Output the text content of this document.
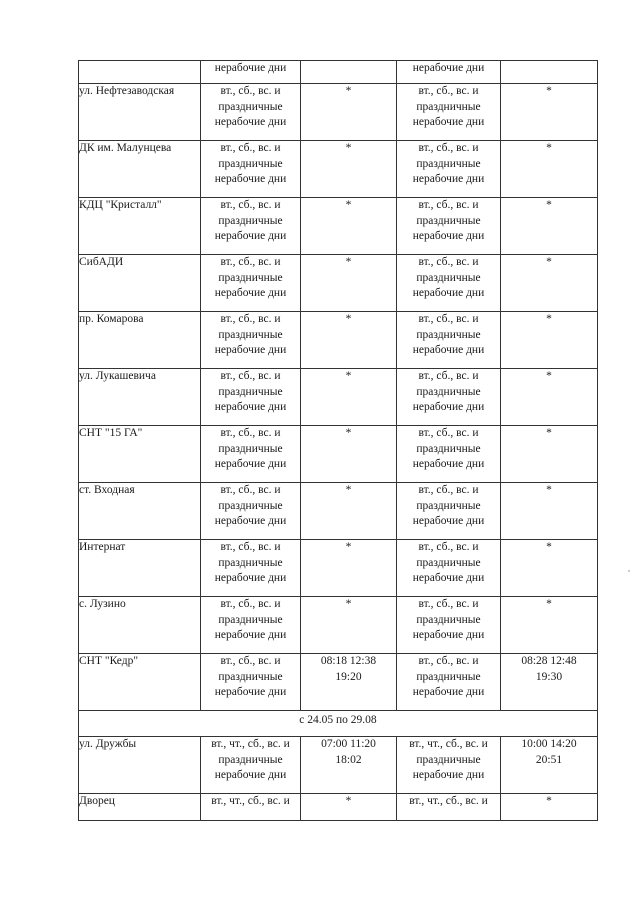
	нерабочие дни		нерабочие дни	

ул. Нефтезаводская	вт., сб., вс. и
праздничные
нерабочие дни	*	вт., сб., вс. и
праздничные
нерабочие дни	*

ДК им. Малунцева	вт., сб., вс. и
праздничные
нерабочие дни	*	вт., сб., вс. и
праздничные
нерабочие дни	*

КДЦ "Кристалл"	вт., сб., вс. и
праздничные
нерабочие дни	*	вт., сб., вс. и
праздничные
нерабочие дни	*

СибАДИ	вт., сб., вс. и
праздничные
нерабочие дни	*	вт., сб., вс. и
праздничные
нерабочие дни	*

пр. Комарова	вт., сб., вс. и
праздничные
нерабочие дни	*	вт., сб., вс. и
праздничные
нерабочие дни	*

ул. Лукашевича	вт., сб., вс. и
праздничные
нерабочие дни	*	вт., сб., вс. и
праздничные
нерабочие дни	*

СНТ "15 ГА"	вт., сб., вс. и
праздничные
нерабочие дни	*	вт., сб., вс. и
праздничные
нерабочие дни	*

ст. Входная	вт., сб., вс. и
праздничные
нерабочие дни	*	вт., сб., вс. и
праздничные
нерабочие дни	*

Интернат	вт., сб., вс. и
праздничные
нерабочие дни	*	вт., сб., вс. и
праздничные
нерабочие дни	*

с. Лузино	вт., сб., вс. и
праздничные
нерабочие дни	*	вт., сб., вс. и
праздничные
нерабочие дни	*

СНТ "Кедр"	вт., сб., вс. и
праздничные
нерабочие дни	08:18 12:38
19:20	вт., сб., вс. и
праздничные
нерабочие дни	08:28 12:48
19:30

с 24.05 по 29.08				

ул. Дружбы	вт., чт., сб., вс. и
праздничные
нерабочие дни	07:00 11:20
18:02	вт., чт., сб., вс. и
праздничные
нерабочие дни	10:00 14:20
20:51

Дворец	вт., чт., сб., вс. и	*	вт., чт., сб., вс. и	*
